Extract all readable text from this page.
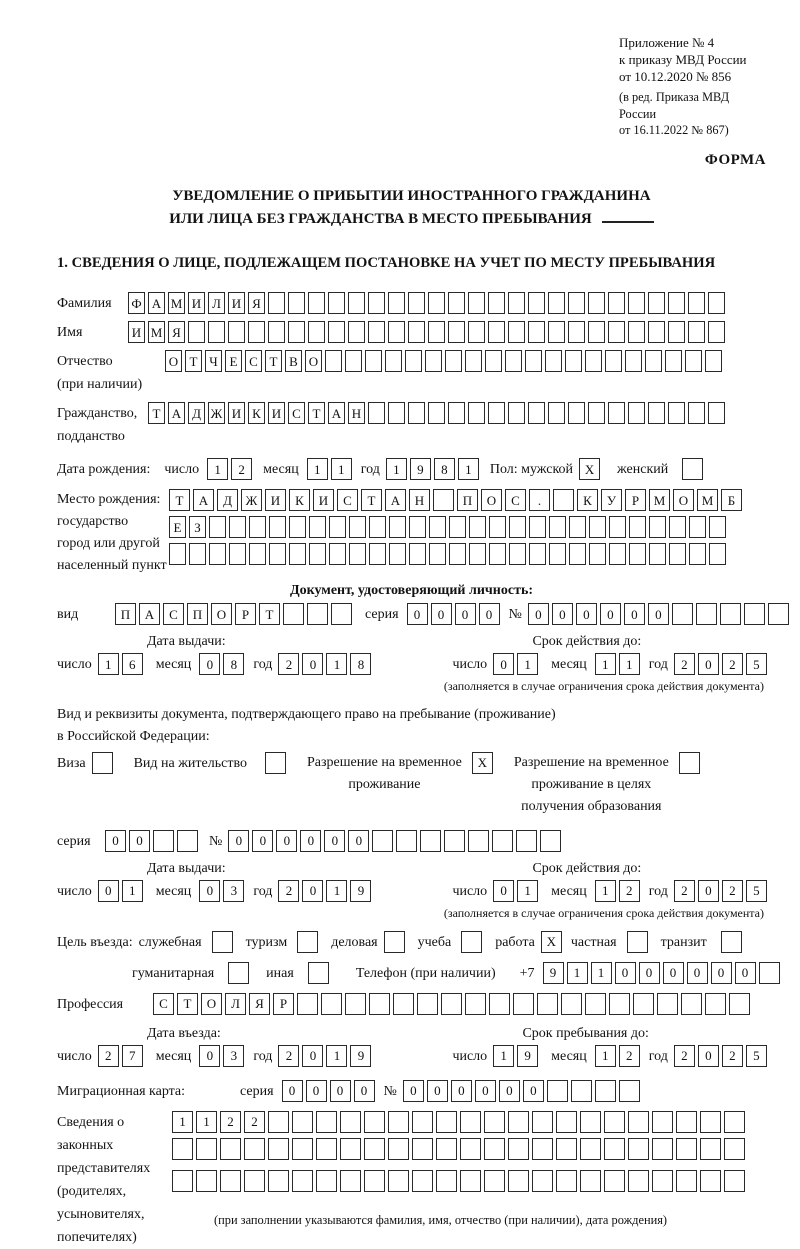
Приложение № 4
к приказу МВД России
от 10.12.2020 № 856
(в ред. Приказа МВД России
от 16.11.2022 № 867)
ФОРМА
УВЕДОМЛЕНИЕ О ПРИБЫТИИ ИНОСТРАННОГО ГРАЖДАНИНА
ИЛИ ЛИЦА БЕЗ ГРАЖДАНСТВА В МЕСТО ПРЕБЫВАНИЯ
1. СВЕДЕНИЯ О ЛИЦЕ, ПОДЛЕЖАЩЕМ ПОСТАНОВКЕ НА УЧЕТ ПО МЕСТУ ПРЕБЫВАНИЯ
Фамилия	Ф А М И Л И Я
Имя	И М Я
Отчество
(при наличии)
О Т Ч Е С Т В О
Гражданство,
подданство
Т А Д Ж И К И С Т А Н
Дата рождения: число	1	2	месяц	1	1	год	1	9	8	1	Пол: мужской X	женский
Место рождения:
государство
город или другой
населенный пункт
Т	А	Д	Ж	И	К	И	С	Т	А	Н	П	О	С	.	К	У	Р	М	О	М	Б
Е З
Документ, удостоверяющий личность:
вид	П	А	С	П	О	Р	Т	серия	0	0	0	0	№	0	0	0	0	0	0
Дата выдачи:
число	1	6	месяц	0	8	год	2	0	1	8
Срок действия до:
число	0	1	месяц	1	1	год	2	0	2	5
(заполняется в случае ограничения срока действия документа)
Вид и реквизиты документа, подтверждающего право на пребывание (проживание)
в Российской Федерации:
Виза	Вид на жительство	Разрешение на временное
проживание
X	Разрешение на временное
проживание в целях
получения образования
серия	0	0	№	0	0	0	0	0	0
Дата выдачи:
число	0	1	месяц	0	3	год	2	0	1	9
Срок действия до:
число	0	1	месяц	1	2	год	2	0	2	5
(заполняется в случае ограничения срока действия документа)
Цель въезда: служебная	туризм	деловая	учеба	работа X	частная	транзит
гуманитарная	иная	Телефон (при наличии) +7	9	1	1	0	0	0	0	0	0
Профессия	С	Т	О	Л	Я	Р
Дата въезда:
число	2	7	месяц	0	3	год	2	0	1	9
Срок пребывания до:
число	1	9	месяц	1	2	год	2	0	2	5
Миграционная карта:	серия	0	0	0	0	№	0	0	0	0	0	0
Сведения о
законных
представителях
(родителях,
усыновителях,
попечителях)
1	1	2	2
(при заполнении указываются фамилия, имя, отчество (при наличии), дата рождения)
